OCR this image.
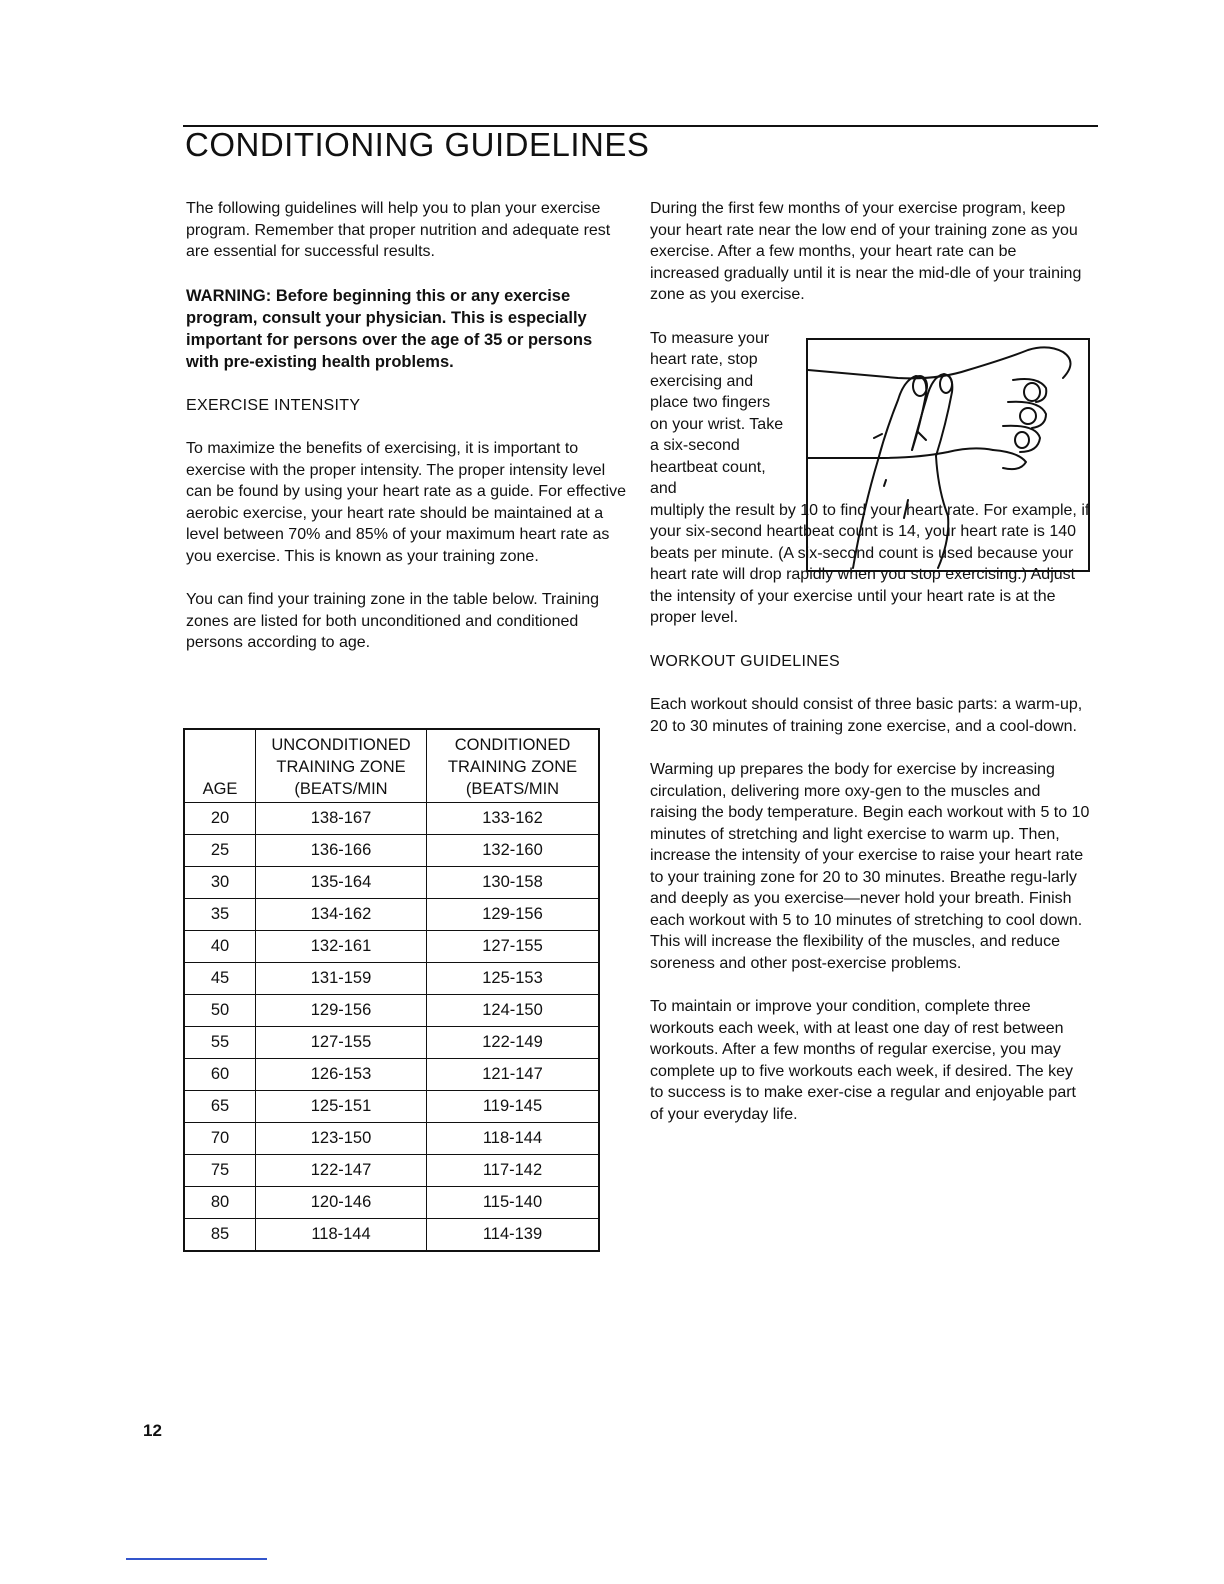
CONDITIONING GUIDELINES

The following guidelines will help you to plan your exercise program. Remember that proper nutrition and adequate rest are essential for successful results.

WARNING: Before beginning this or any exercise program, consult your physician. This is especially important for persons over the age of 35 or persons with pre-existing health problems.

EXERCISE INTENSITY

To maximize the benefits of exercising, it is important to exercise with the proper intensity. The proper intensity level can be found by using your heart rate as a guide. For effective aerobic exercise, your heart rate should be maintained at a level between 70% and 85% of your maximum heart rate as you exercise. This is known as your training zone.

You can find your training zone in the table below. Training zones are listed for both unconditioned and conditioned persons according to age.

AGE	UNCONDITIONED TRAINING ZONE (BEATS/MIN	CONDITIONED TRAINING ZONE (BEATS/MIN
20	138-167	133-162
25	136-166	132-160
30	135-164	130-158
35	134-162	129-156
40	132-161	127-155
45	131-159	125-153
50	129-156	124-150
55	127-155	122-149
60	126-153	121-147
65	125-151	119-145
70	123-150	118-144
75	122-147	117-142
80	120-146	115-140
85	118-144	114-139

During the first few months of your exercise program, keep your heart rate near the low end of your training zone as you exercise. After a few months, your heart rate can be increased gradually until it is near the mid-dle of your training zone as you exercise.

To measure your heart rate, stop exercising and place two fingers on your wrist. Take a six-second heartbeat count, and

multiply the result by 10 to find your heart rate. For example, if your six-second heartbeat count is 14, your heart rate is 140 beats per minute. (A six-second count is used because your heart rate will drop rapidly when you stop exercising.) Adjust the intensity of your exercise until your heart rate is at the proper level.

WORKOUT GUIDELINES

Each workout should consist of three basic parts: a warm-up, 20 to 30 minutes of training zone exercise, and a cool-down.

Warming up prepares the body for exercise by increasing circulation, delivering more oxy-gen to the muscles and raising the body temperature. Begin each workout with 5 to 10 minutes of stretching and light exercise to warm up. Then, increase the intensity of your exercise to raise your heart rate to your training zone for 20 to 30 minutes. Breathe regu-larly and deeply as you exercise—never hold your breath. Finish each workout with 5 to 10 minutes of stretching to cool down. This will increase the flexibility of the muscles, and reduce soreness and other post-exercise problems.

To maintain or improve your condition, complete three workouts each week, with at least one day of rest between workouts. After a few months of regular exercise, you may complete up to five workouts each week, if desired. The key to success is to make exer-cise a regular and enjoyable part of your everyday life.

12
